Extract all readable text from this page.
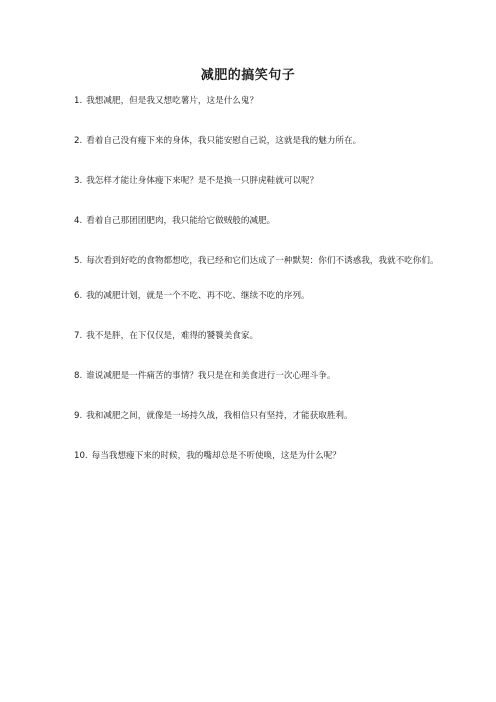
减肥的搞笑句子
1. 我想减肥，但是我又想吃薯片，这是什么鬼？
2. 看着自己没有瘦下来的身体，我只能安慰自己说，这就是我的魅力所在。
3. 我怎样才能让身体瘦下来呢？是不是换一只胖虎鞋就可以呢？
4. 看着自己那团团肥肉，我只能给它做贼般的减肥。
5. 每次看到好吃的食物都想吃，我已经和它们达成了一种默契：你们不诱惑我，我就不吃你们。
6. 我的减肥计划，就是一个不吃、再不吃、继续不吃的序列。
7. 我不是胖，在下仅仅是，难得的饕餮美食家。
8. 谁说减肥是一件痛苦的事情？我只是在和美食进行一次心理斗争。
9. 我和减肥之间，就像是一场持久战，我相信只有坚持，才能获取胜利。
10. 每当我想瘦下来的时候，我的嘴却总是不听使唤，这是为什么呢？
